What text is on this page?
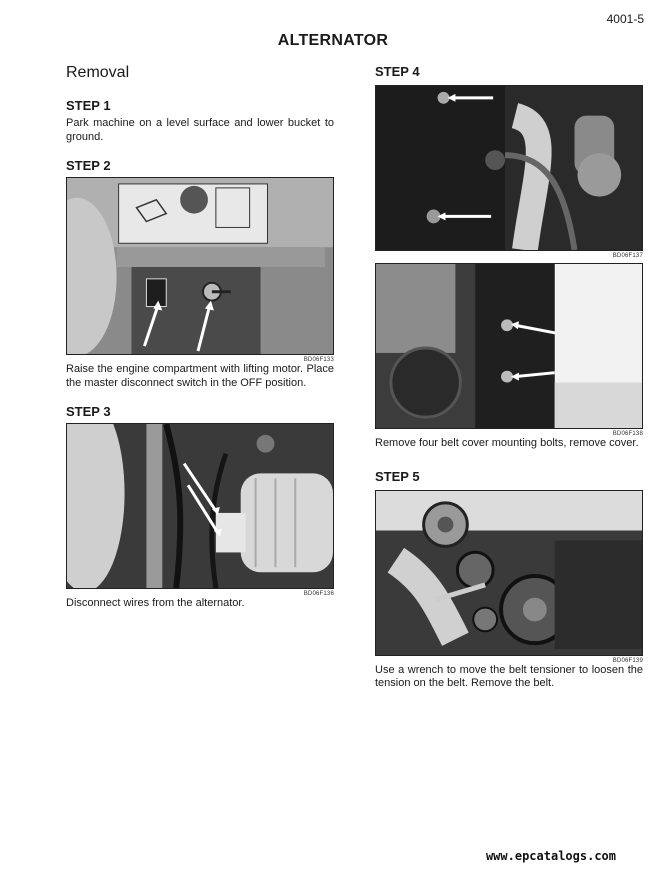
4001-5
ALTERNATOR
Removal
STEP 1

Park machine on a level surface and lower bucket to ground.

STEP 2
BD06F133

Raise the engine compartment with lifting motor. Place the master disconnect switch in the OFF position.

STEP 3
BD06F136

Disconnect wires from the alternator.

STEP 4
BD06F137
BD06F138

Remove four belt cover mounting bolts, remove cover.

STEP 5
BD06F139

Use a wrench to move the belt tensioner to loosen the tension on the belt. Remove the belt.

www.epcatalogs.com
